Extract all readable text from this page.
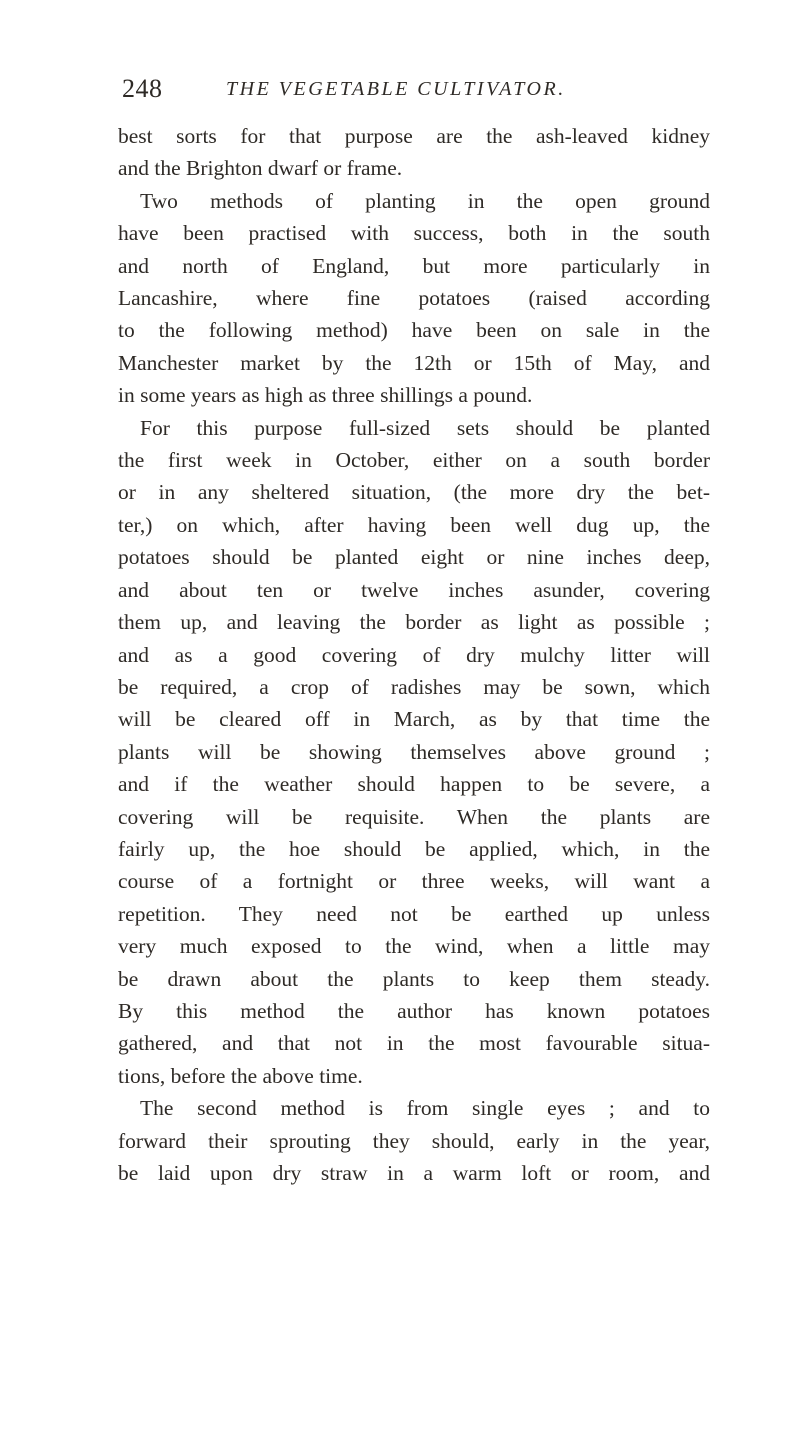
248	THE VEGETABLE CULTIVATOR.
best sorts for that purpose are the ash-leaved kidney
and the Brighton dwarf or frame.
Two methods of planting in the open ground
have been practised with success, both in the south
and north of England, but more particularly in
Lancashire, where fine potatoes (raised according
to the following method) have been on sale in the
Manchester market by the 12th or 15th of May, and
in some years as high as three shillings a pound.
For this purpose full-sized sets should be planted
the first week in October, either on a south border
or in any sheltered situation, (the more dry the bet-
ter,) on which, after having been well dug up, the
potatoes should be planted eight or nine inches deep,
and about ten or twelve inches asunder, covering
them up, and leaving the border as light as possible ;
and as a good covering of dry mulchy litter will
be required, a crop of radishes may be sown, which
will be cleared off in March, as by that time the
plants will be showing themselves above ground ;
and if the weather should happen to be severe, a
covering will be requisite. When the plants are
fairly up, the hoe should be applied, which, in the
course of a fortnight or three weeks, will want a
repetition. They need not be earthed up unless
very much exposed to the wind, when a little may
be drawn about the plants to keep them steady.
By this method the author has known potatoes
gathered, and that not in the most favourable situa-
tions, before the above time.
The second method is from single eyes ; and to
forward their sprouting they should, early in the year,
be laid upon dry straw in a warm loft or room, and
